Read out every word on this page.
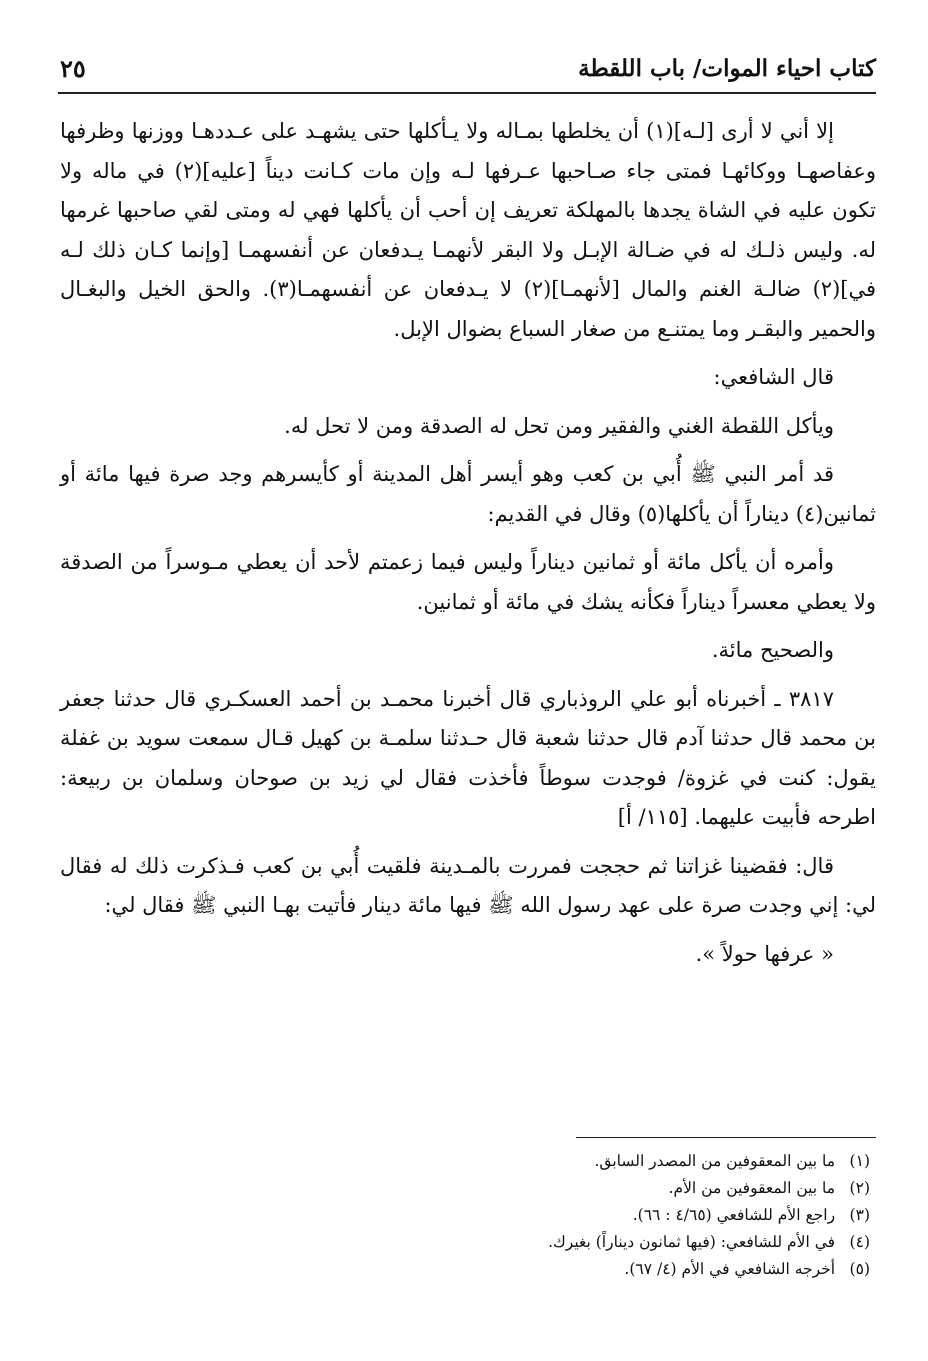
كتاب احياء الموات/ باب اللقطة
٢٥

إلا أني لا أرى [لـه](١) أن يخلطها بمـاله ولا يـأكلها حتى يشهـد على عـددهـا ووزنها وظرفها وعفاصهـا ووكائهـا فمتى جاء صـاحبها عـرفها لـه وإن مات كـانت ديناً [عليه](٢) في ماله ولا تكون عليه في الشاة يجدها بالمهلكة تعريف إن أحب أن يأكلها فهي له ومتى لقي صاحبها غرمها له. وليس ذلـك له في ضـالة الإبـل ولا البقر لأنهمـا يـدفعان عن أنفسهمـا [وإنما كـان ذلك لـه في](٢) ضالـة الغنم والمال [لأنهمـا](٢) لا يـدفعان عن أنفسهمـا(٣). والحق الخيل والبغـال والحمير والبقـر وما يمتنـع من صغار السباع بضوال الإبل.

قال الشافعي:

ويأكل اللقطة الغني والفقير ومن تحل له الصدقة ومن لا تحل له.

قد أمر النبي ﷺ أُبي بن كعب وهو أيسر أهل المدينة أو كأيسرهم وجد صرة فيها مائة أو ثمانين(٤) ديناراً أن يأكلها(٥) وقال في القديم:

وأمره أن يأكل مائة أو ثمانين ديناراً وليس فيما زعمتم لأحد أن يعطي مـوسراً من الصدقة ولا يعطي معسراً ديناراً فكأنه يشك في مائة أو ثمانين.

والصحيح مائة.

٣٨١٧ ـ أخبرناه أبو علي الروذباري قال أخبرنا محمـد بن أحمد العسكـري قال حدثنا جعفر بن محمد قال حدثنا آدم قال حدثنا شعبة قال حـدثنا سلمـة بن كهيل قـال سمعت سويد بن غفلة يقول: كنت في غزوة/ فوجدت سوطاً فأخذت فقال لي زيد بن صوحان وسلمان بن ربيعة: اطرحه فأبيت عليهما. [١١٥/ أ]

قال: فقضينا غزاتنا ثم حججت فمررت بالمـدينة فلقيت أُبي بن كعب فـذكرت ذلك له فقال لي: إني وجدت صرة على عهد رسول الله ﷺ فيها مائة دينار فأتيت بهـا النبي ﷺ فقال لي:

« عرفها حولاً ».

(١) ما بين المعقوفين من المصدر السابق.

(٢) ما بين المعقوفين من الأم.

(٣) راجع الأم للشافعي (٤/٦٥ : ٦٦).

(٤) في الأم للشافعي: (فيها ثمانون ديناراً) بغيرك.

(٥) أخرجه الشافعي في الأم (٤/ ٦٧).
